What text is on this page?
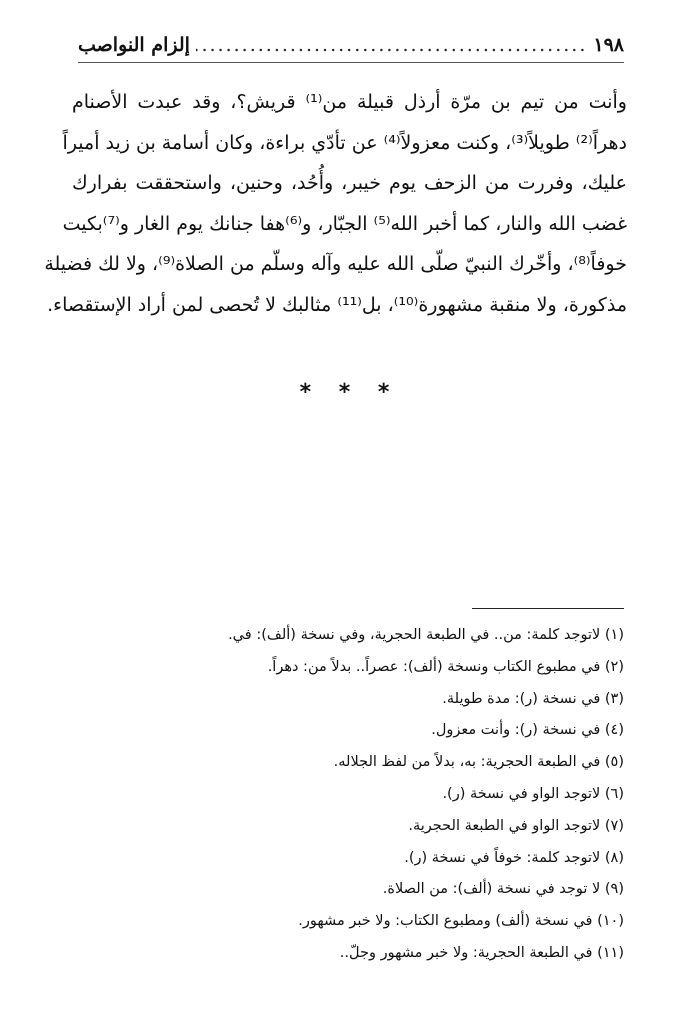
١٩٨
.....
إلزام النواصب
وأنت من تيم بن مرّة أرذل قبيلة من⁽¹⁾ قريش؟، وقد عبدت الأصنام
دهراً⁽²⁾ طويلاً⁽³⁾، وكنت معزولاً⁽⁴⁾ عن تأدّي براءة، وكان أسامة بن زيد أميراً
عليك، وفررت من الزحف يوم خيبر، وأُحُد، وحنين، واستحققت بفرارك
غضب الله والنار، كما أخبر الله⁽⁵⁾ الجبّار، و⁽⁶⁾هفا جنانك يوم الغار و⁽⁷⁾بكيت
خوفاً⁽⁸⁾، وأخّرك النبيّ صلّى الله عليه وآله وسلّم من الصلاة⁽⁹⁾، ولا لك فضيلة
مذكورة، ولا منقبة مشهورة⁽¹⁰⁾، بل⁽¹¹⁾ مثالبك لا تُحصى لمن أراد الإستقصاء.
* * *
(١) لاتوجد كلمة: من.. في الطبعة الحجرية، وفي نسخة (ألف): في.
(٢) في مطبوع الكتاب ونسخة (ألف): عصراً.. بدلاً من: دهراً.
(٣) في نسخة (ر): مدة طويلة.
(٤) في نسخة (ر): وأنت معزول.
(٥) في الطبعة الحجرية: به، بدلاً من لفظ الجلاله.
(٦) لاتوجد الواو في نسخة (ر).
(٧) لاتوجد الواو في الطبعة الحجرية.
(٨) لاتوجد كلمة: خوفاً في نسخة (ر).
(٩) لا توجد في نسخة (ألف): من الصلاة.
(١٠) في نسخة (ألف) ومطبوع الكتاب: ولا خبر مشهور.
(١١) في الطبعة الحجرية: ولا خبر مشهور وجلّ..
